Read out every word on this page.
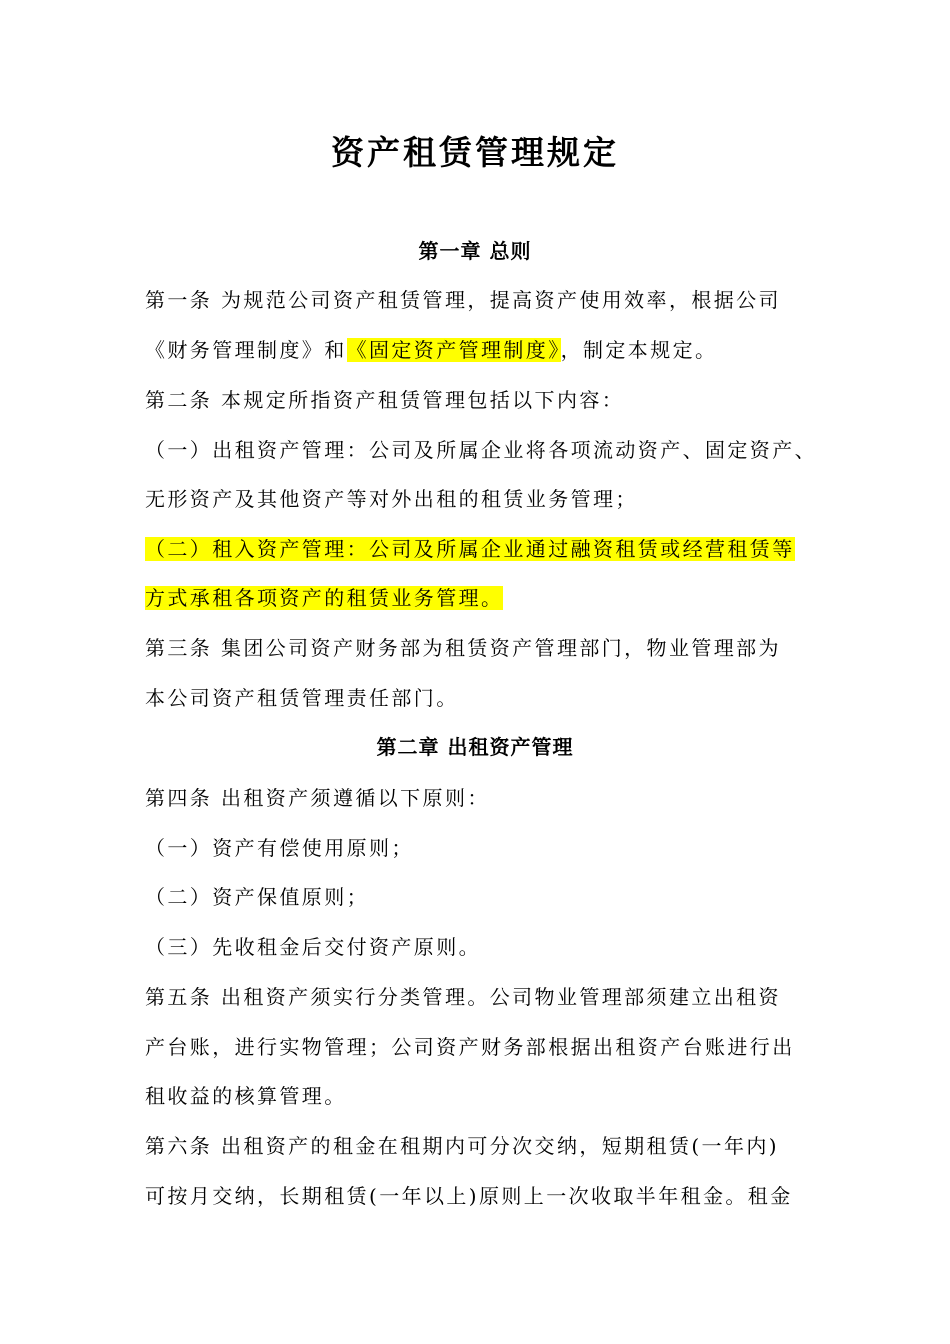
资产租赁管理规定
第一章 总则
第一条 为规范公司资产租赁管理，提高资产使用效率，根据公司
《财务管理制度》和《固定资产管理制度》，制定本规定。
第二条 本规定所指资产租赁管理包括以下内容：
（一）出租资产管理：公司及所属企业将各项流动资产、固定资产、
无形资产及其他资产等对外出租的租赁业务管理；
（二）租入资产管理：公司及所属企业通过融资租赁或经营租赁等
方式承租各项资产的租赁业务管理。
第三条 集团公司资产财务部为租赁资产管理部门，物业管理部为
本公司资产租赁管理责任部门。
第二章 出租资产管理
第四条 出租资产须遵循以下原则：
（一）资产有偿使用原则；
（二）资产保值原则；
（三）先收租金后交付资产原则。
第五条 出租资产须实行分类管理。公司物业管理部须建立出租资
产台账，进行实物管理；公司资产财务部根据出租资产台账进行出
租收益的核算管理。
第六条 出租资产的租金在租期内可分次交纳，短期租赁(一年内)
可按月交纳，长期租赁(一年以上)原则上一次收取半年租金。租金
